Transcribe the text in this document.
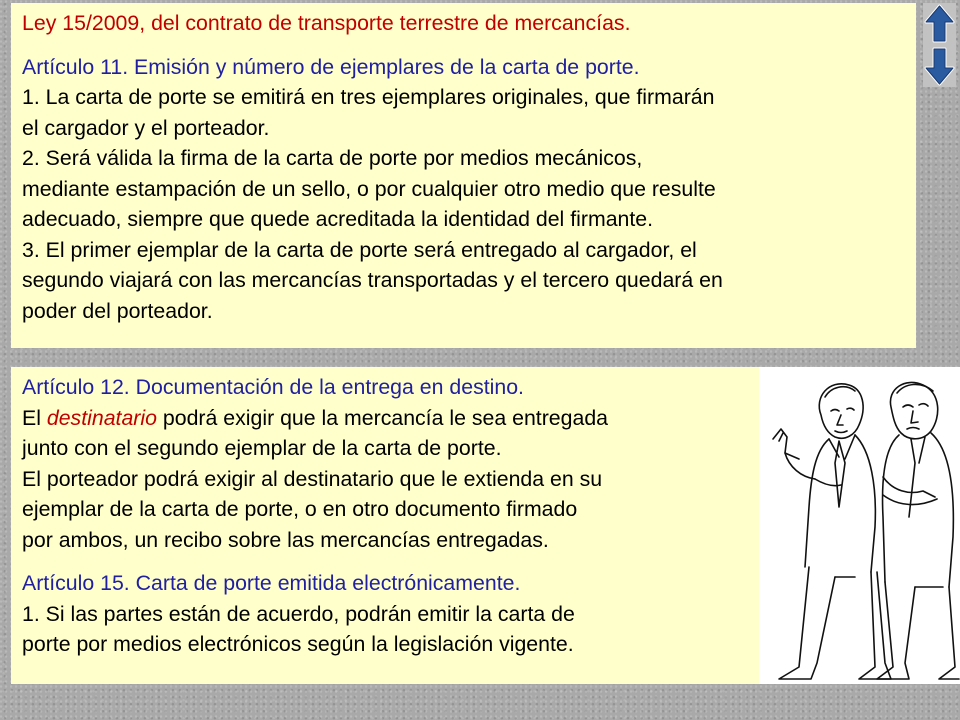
Ley 15/2009, del contrato de transporte terrestre de mercancías.
Artículo 11. Emisión y número de ejemplares de la carta de porte.
1. La carta de porte se emitirá en tres ejemplares originales, que firmarán
el cargador y el porteador.
2. Será válida la firma de la carta de porte por medios mecánicos,
mediante estampación de un sello, o por cualquier otro medio que resulte
adecuado, siempre que quede acreditada la identidad del firmante.
3. El primer ejemplar de la carta de porte será entregado al cargador, el
segundo viajará con las mercancías transportadas y el tercero quedará en
poder del porteador.
Artículo 12. Documentación de la entrega en destino.
El destinatario podrá exigir que la mercancía le sea entregada
junto con el segundo ejemplar de la carta de porte.
El porteador podrá exigir al destinatario que le extienda en su
ejemplar de la carta de porte, o en otro documento firmado
por ambos, un recibo sobre las mercancías entregadas.
Artículo 15. Carta de porte emitida electrónicamente.
1. Si las partes están de acuerdo, podrán emitir la carta de
porte por medios electrónicos según la legislación vigente.
